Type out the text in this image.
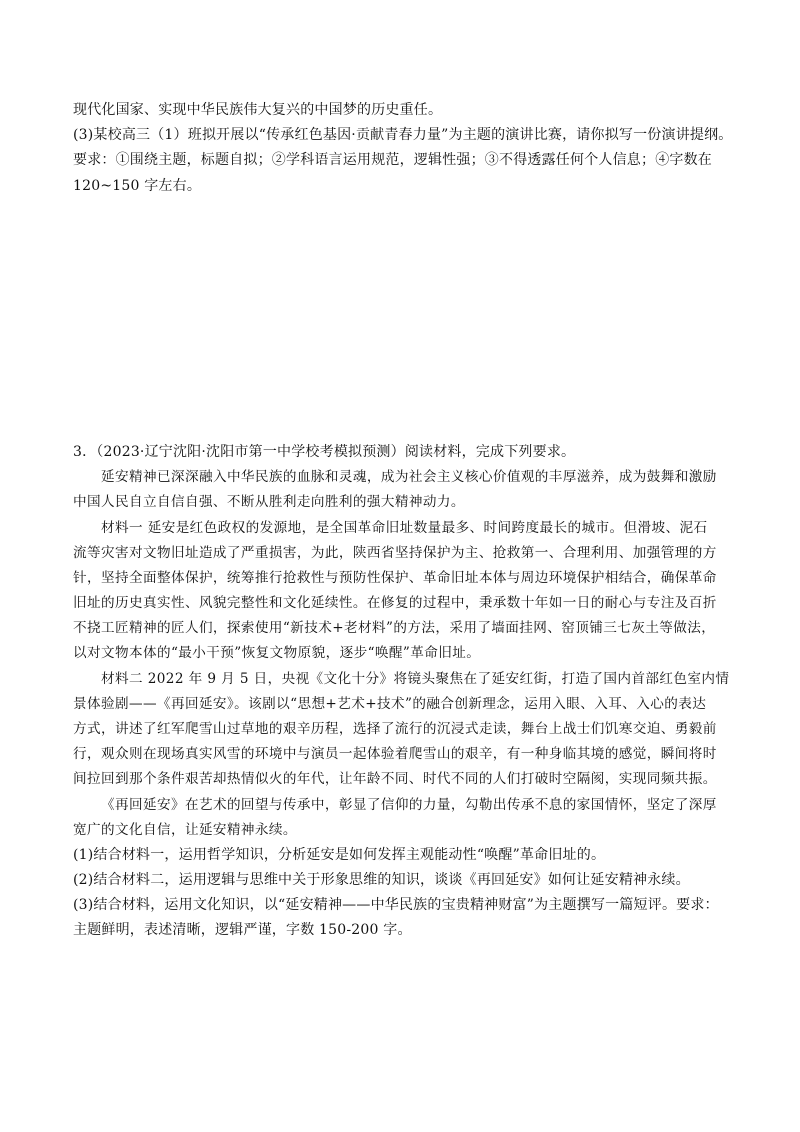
现代化国家、实现中华民族伟大复兴的中国梦的历史重任。
(3)某校高三（1）班拟开展以“传承红色基因·贡献青春力量”为主题的演讲比赛，请你拟写一份演讲提纲。
要求：①围绕主题，标题自拟；②学科语言运用规范，逻辑性强；③不得透露任何个人信息；④字数在
120~150 字左右。
3．（2023·辽宁沈阳·沈阳市第一中学校考模拟预测）阅读材料，完成下列要求。
延安精神已深深融入中华民族的血脉和灵魂，成为社会主义核心价值观的丰厚滋养，成为鼓舞和激励
中国人民自立自信自强、不断从胜利走向胜利的强大精神动力。
材料一 延安是红色政权的发源地，是全国革命旧址数量最多、时间跨度最长的城市。但滑坡、泥石
流等灾害对文物旧址造成了严重损害，为此，陕西省坚持保护为主、抢救第一、合理利用、加强管理的方
针，坚持全面整体保护，统筹推行抢救性与预防性保护、革命旧址本体与周边环境保护相结合，确保革命
旧址的历史真实性、风貌完整性和文化延续性。在修复的过程中，秉承数十年如一日的耐心与专注及百折
不挠工匠精神的匠人们，探索使用“新技术+老材料”的方法，采用了墙面挂网、窑顶铺三七灰土等做法，
以对文物本体的“最小干预”恢复文物原貌，逐步“唤醒”革命旧址。
材料二 2022 年 9 月 5 日，央视《文化十分》将镜头聚焦在了延安红街，打造了国内首部红色室内情
景体验剧——《再回延安》。该剧以“思想+艺术+技术”的融合创新理念，运用入眼、入耳、入心的表达
方式，讲述了红军爬雪山过草地的艰辛历程，选择了流行的沉浸式走读，舞台上战士们饥寒交迫、勇毅前
行，观众则在现场真实风雪的环境中与演员一起体验着爬雪山的艰辛，有一种身临其境的感觉，瞬间将时
间拉回到那个条件艰苦却热情似火的年代，让年龄不同、时代不同的人们打破时空隔阂，实现同频共振。
《再回延安》在艺术的回望与传承中，彰显了信仰的力量，勾勒出传承不息的家国情怀，坚定了深厚
宽广的文化自信，让延安精神永续。
(1)结合材料一，运用哲学知识，分析延安是如何发挥主观能动性“唤醒”革命旧址的。
(2)结合材料二，运用逻辑与思维中关于形象思维的知识，谈谈《再回延安》如何让延安精神永续。
(3)结合材料，运用文化知识，以“延安精神——中华民族的宝贵精神财富”为主题撰写一篇短评。要求：
主题鲜明，表述清晰，逻辑严谨，字数 150-200 字。
